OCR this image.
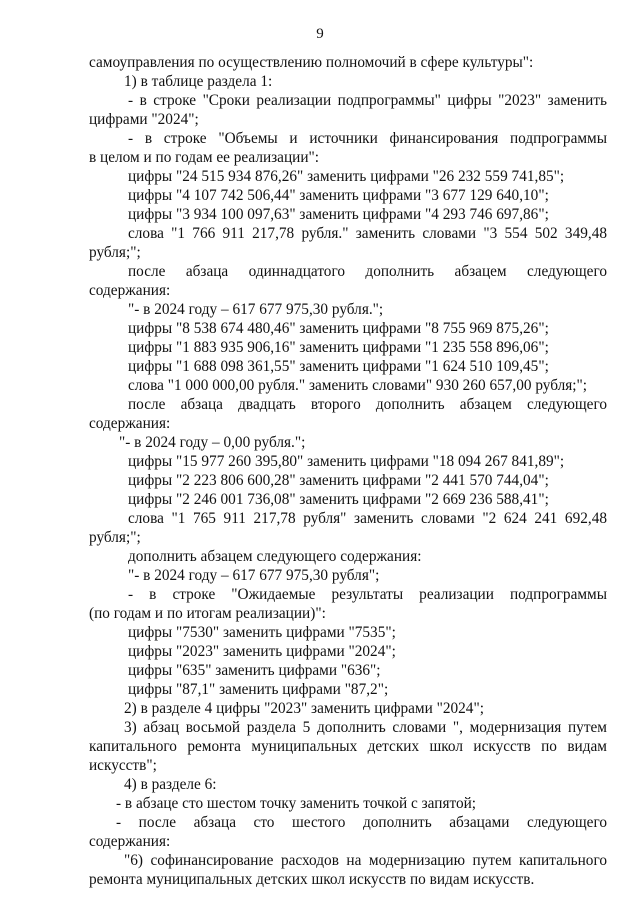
9
самоуправления по осуществлению полномочий в сфере культуры":
1) в таблице раздела 1:
- в строке "Сроки реализации подпрограммы" цифры "2023" заменить
цифрами "2024";
- в строке "Объемы и источники финансирования подпрограммы
в целом и по годам ее реализации":
цифры "24 515 934 876,26" заменить цифрами "26 232 559 741,85";
цифры "4 107 742 506,44" заменить цифрами "3 677 129 640,10";
цифры "3 934 100 097,63" заменить цифрами "4 293 746 697,86";
слова "1 766 911 217,78 рубля." заменить словами "3 554 502 349,48
рубля;";
после абзаца одиннадцатого дополнить абзацем следующего
содержания:
"- в 2024 году – 617 677 975,30 рубля.";
цифры "8 538 674 480,46" заменить цифрами "8 755 969 875,26";
цифры "1 883 935 906,16" заменить цифрами "1 235 558 896,06";
цифры "1 688 098 361,55" заменить цифрами "1 624 510 109,45";
слова "1 000 000,00 рубля." заменить словами" 930 260 657,00 рубля;";
после абзаца двадцать второго дополнить абзацем следующего
содержания:
"- в 2024 году – 0,00 рубля.";
цифры "15 977 260 395,80" заменить цифрами "18 094 267 841,89";
цифры "2 223 806 600,28" заменить цифрами "2 441 570 744,04";
цифры "2 246 001 736,08" заменить цифрами "2 669 236 588,41";
слова "1 765 911 217,78 рубля" заменить словами "2 624 241 692,48
рубля;";
дополнить абзацем следующего содержания:
"- в 2024 году – 617 677 975,30 рубля";
- в строке "Ожидаемые результаты реализации подпрограммы
(по годам и по итогам реализации)":
цифры "7530" заменить цифрами "7535";
цифры "2023" заменить цифрами "2024";
цифры "635" заменить цифрами "636";
цифры "87,1" заменить цифрами "87,2";
2) в разделе 4 цифры "2023" заменить цифрами "2024";
3) абзац восьмой раздела 5 дополнить словами ", модернизация путем
капитального ремонта муниципальных детских школ искусств по видам
искусств";
4) в разделе 6:
- в абзаце сто шестом точку заменить точкой с запятой;
- после абзаца сто шестого дополнить абзацами следующего
содержания:
"6) софинансирование расходов на модернизацию путем капитального
ремонта муниципальных детских школ искусств по видам искусств.
